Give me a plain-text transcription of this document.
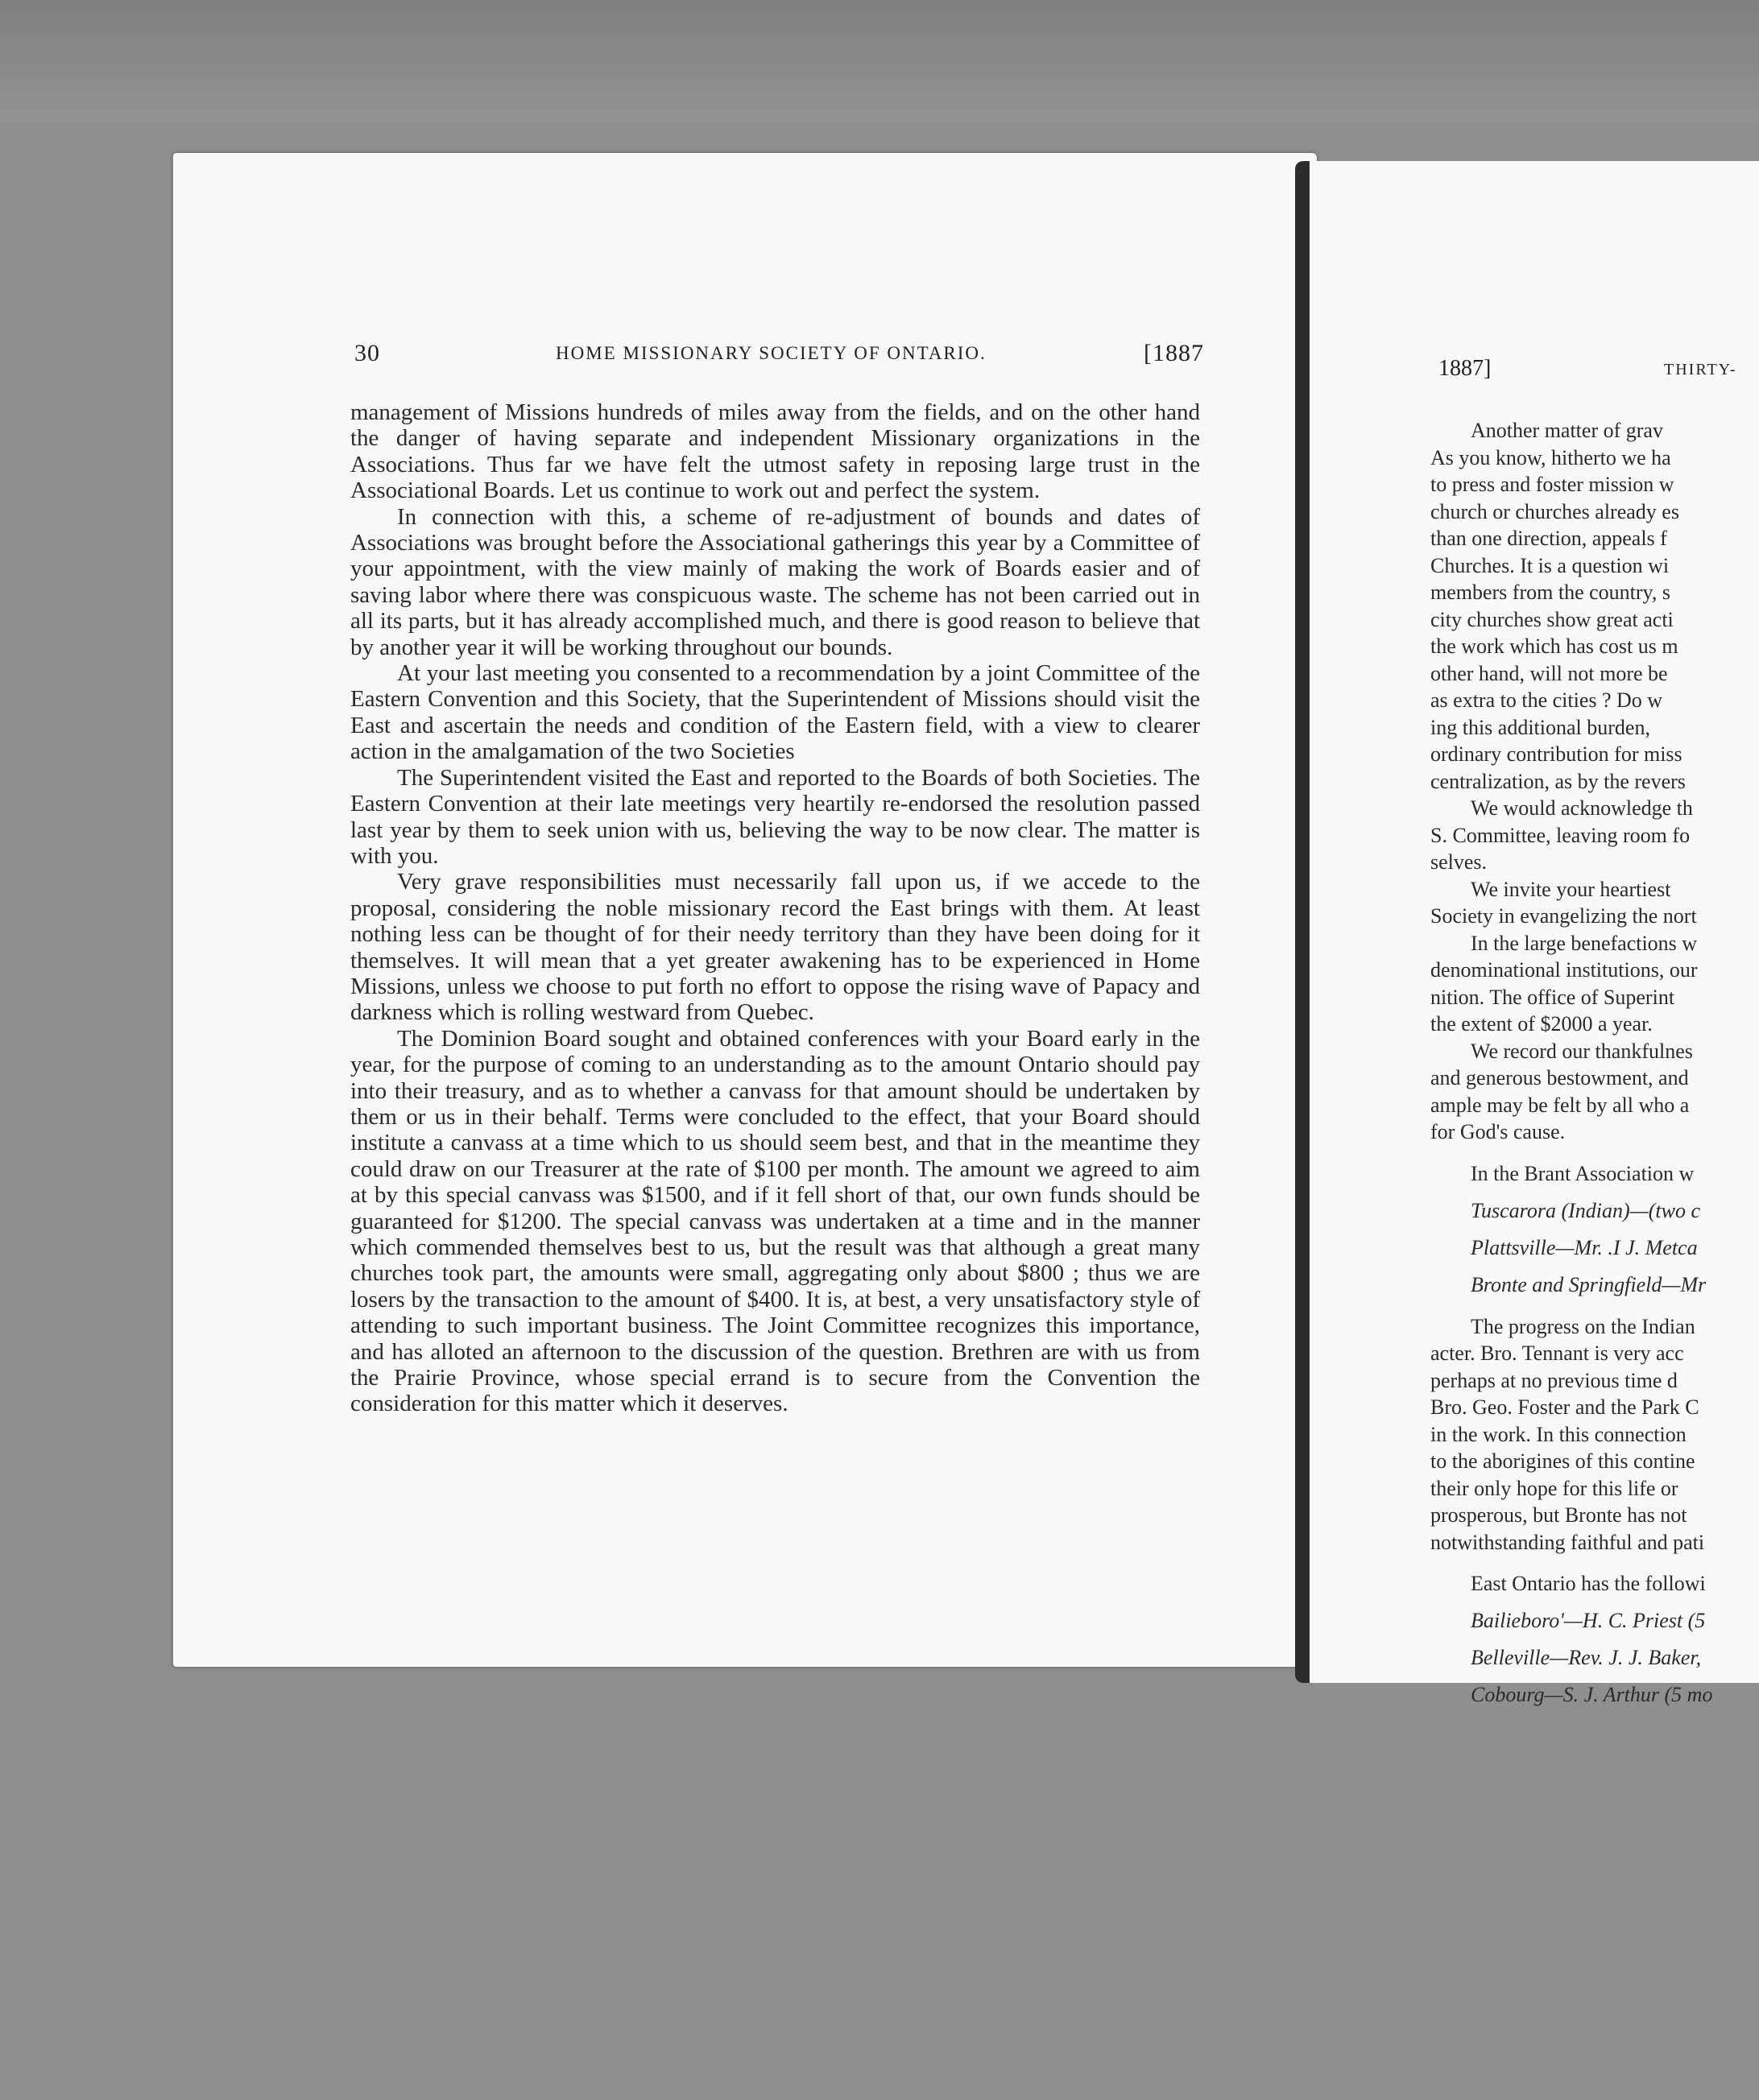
30	HOME MISSIONARY SOCIETY OF ONTARIO.	[1887

management of Missions hundreds of miles away from the fields, and on the other hand the danger of having separate and independent Missionary organizations in the Associations. Thus far we have felt the utmost safety in reposing large trust in the Associational Boards. Let us continue to work out and perfect the system.

In connection with this, a scheme of re-adjustment of bounds and dates of Associations was brought before the Associational gatherings this year by a Committee of your appointment, with the view mainly of making the work of Boards easier and of saving labor where there was conspicuous waste. The scheme has not been carried out in all its parts, but it has already accomplished much, and there is good reason to believe that by another year it will be working throughout our bounds.

At your last meeting you consented to a recommendation by a joint Committee of the Eastern Convention and this Society, that the Superintendent of Missions should visit the East and ascertain the needs and condition of the Eastern field, with a view to clearer action in the amalgamation of the two Societies

The Superintendent visited the East and reported to the Boards of both Societies. The Eastern Convention at their late meetings very heartily re-endorsed the resolution passed last year by them to seek union with us, believing the way to be now clear. The matter is with you.

Very grave responsibilities must necessarily fall upon us, if we accede to the proposal, considering the noble missionary record the East brings with them. At least nothing less can be thought of for their needy territory than they have been doing for it themselves. It will mean that a yet greater awakening has to be experienced in Home Missions, unless we choose to put forth no effort to oppose the rising wave of Papacy and darkness which is rolling westward from Quebec.

The Dominion Board sought and obtained conferences with your Board early in the year, for the purpose of coming to an understanding as to the amount Ontario should pay into their treasury, and as to whether a canvass for that amount should be undertaken by them or us in their behalf. Terms were concluded to the effect, that your Board should institute a canvass at a time which to us should seem best, and that in the meantime they could draw on our Treasurer at the rate of $100 per month. The amount we agreed to aim at by this special canvass was $1500, and if it fell short of that, our own funds should be guaranteed for $1200. The special canvass was undertaken at a time and in the manner which commended themselves best to us, but the result was that although a great many churches took part, the amounts were small, aggregating only about $800 ; thus we are losers by the transaction to the amount of $400. It is, at best, a very unsatisfactory style of attending to such important business. The Joint Committee recognizes this importance, and has alloted an afternoon to the discussion of the question. Brethren are with us from the Prairie Province, whose special errand is to secure from the Convention the consideration for this matter which it deserves.

1887]	THIRTY-
Another matter of grav
As you know, hitherto we ha
to press and foster mission w
church or churches already es
than one direction, appeals f
Churches. It is a question wi
members from the country, s
city churches show great acti
the work which has cost us m
other hand, will not more be
as extra to the cities ? Do w
ing this additional burden,
ordinary contribution for miss
centralization, as by the revers
We would acknowledge th
S. Committee, leaving room fo
selves.
We invite your heartiest
Society in evangelizing the nort
In the large benefactions w
denominational institutions, our
nition. The office of Superint
the extent of $2000 a year.
We record our thankfulnes
and generous bestowment, and
ample may be felt by all who a
for God's cause.
In the Brant Association w
Tuscarora (Indian)—(two c
Plattsville—Mr. .I J. Metca
Bronte and Springfield—Mr
The progress on the Indian
acter. Bro. Tennant is very acc
perhaps at no previous time d
Bro. Geo. Foster and the Park C
in the work. In this connection
to the aborigines of this contine
their only hope for this life or
prosperous, but Bronte has not
notwithstanding faithful and pati
East Ontario has the followi
Bailieboro'—H. C. Priest (5
Belleville—Rev. J. J. Baker,
Cobourg—S. J. Arthur (5 mo
